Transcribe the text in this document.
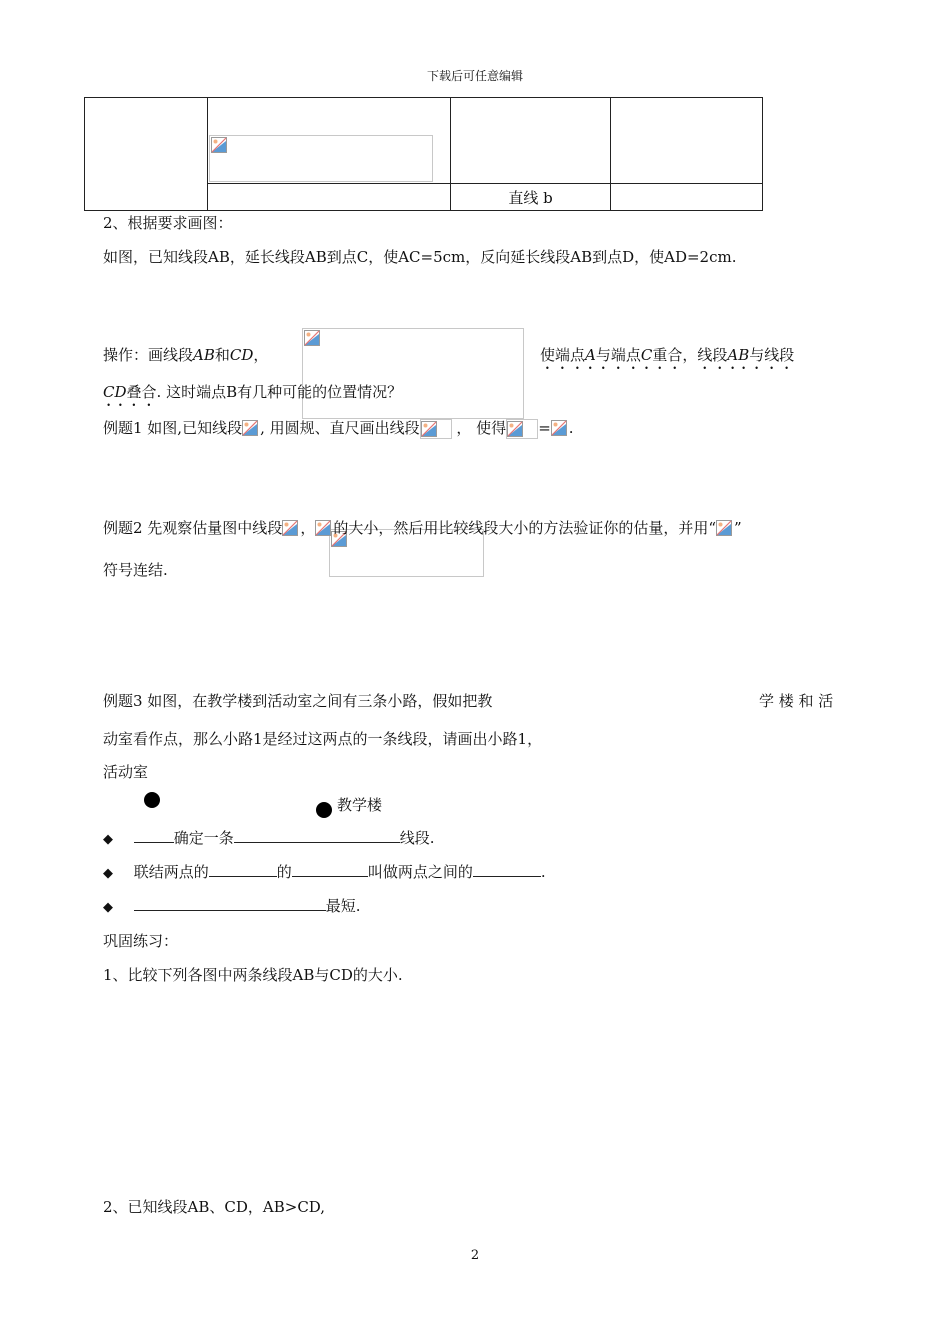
下载后可任意编辑

		直线 b	
2、根据要求画图：
如图，已知线段AB，延长线段AB到点C，使AC=5cm，反向延长线段AB到点D，使AD=2cm.

操作：画线段AB和CD，	使端点A与端点C重合，线段AB与线段
CD叠合. 这时端点B有几种可能的位置情况？
例题1 如图,已知线段 , 用圆规、直尺画出线段
， 使得 = .

例题2 先观察估量图中线段 ， 的大小，然后用比较线段大小的方法验证你的估量，并用“ ”
符号连结.
例题3 如图，在教学楼到活动室之间有三条小路，假如把教	学 楼 和 活
动室看作点，那么小路1是经过这两点的一条线段，请画出小路1，
活动室
教学楼
◆	确定一条	线段.
◆ 联结两点的	的	叫做两点之间的	.
◆	最短.
巩固练习：
1、比较下列各图中两条线段AB与CD的大小.
2、已知线段AB、CD，AB>CD,
2
